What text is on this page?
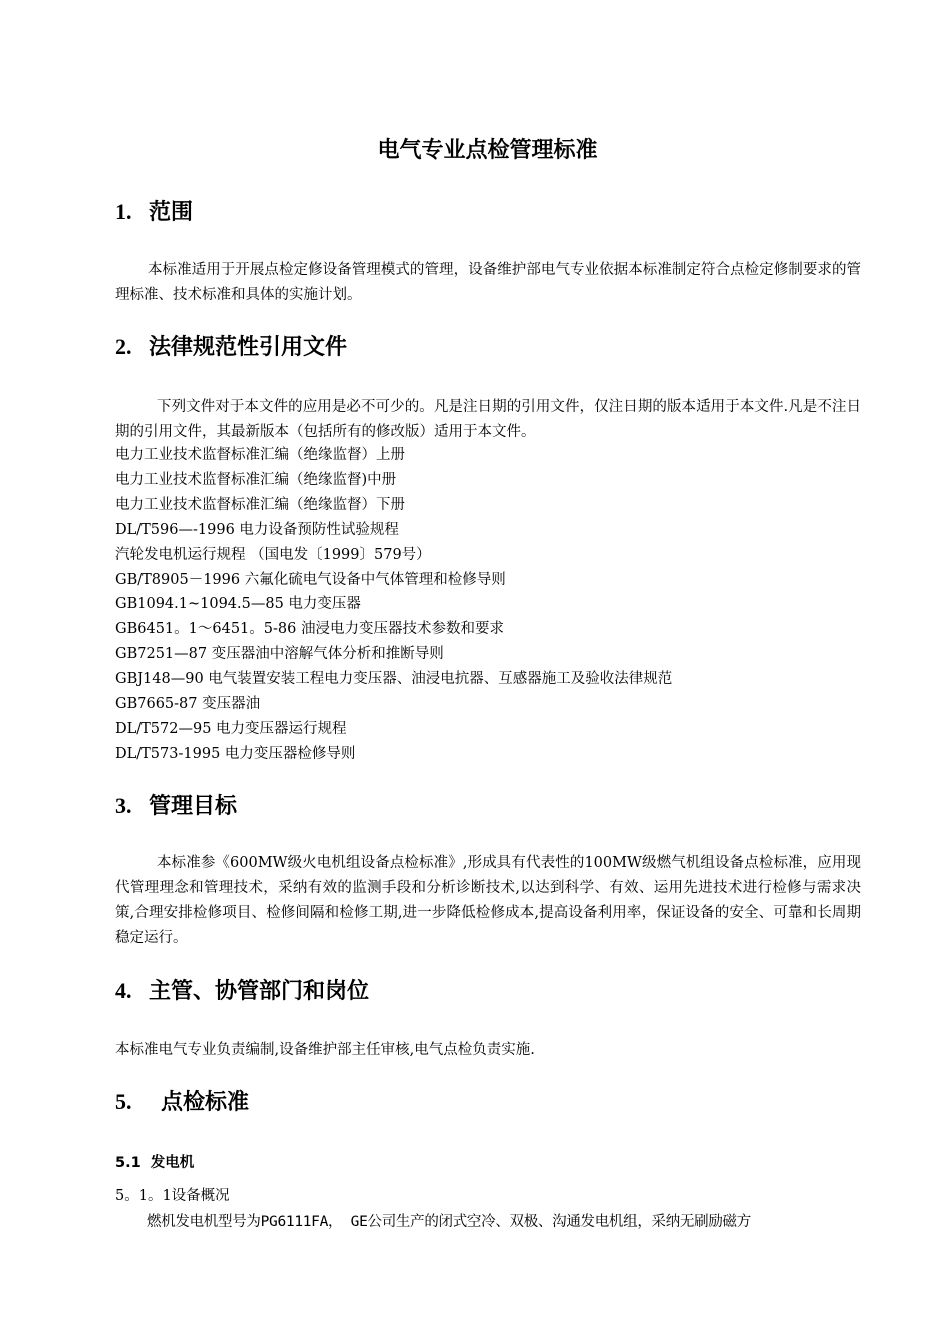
电气专业点检管理标准
1. 范围
本标准适用于开展点检定修设备管理模式的管理，设备维护部电气专业依据本标准制定符合点检定修制要求的管理标准、技术标准和具体的实施计划。
2. 法律规范性引用文件
下列文件对于本文件的应用是必不可少的。凡是注日期的引用文件，仅注日期的版本适用于本文件.凡是不注日期的引用文件，其最新版本（包括所有的修改版）适用于本文件。
电力工业技术监督标准汇编（绝缘监督）上册
电力工业技术监督标准汇编（绝缘监督)中册
电力工业技术监督标准汇编（绝缘监督）下册
DL/T596—-1996 电力设备预防性试验规程
汽轮发电机运行规程 （国电发〔1999〕579号）
GB/T8905－1996 六氟化硫电气设备中气体管理和检修导则
GB1094.1~1094.5—85 电力变压器
GB6451。1～6451。5-86 油浸电力变压器技术参数和要求
GB7251—87 变压器油中溶解气体分析和推断导则
GBJ148—90 电气装置安装工程电力变压器、油浸电抗器、互感器施工及验收法律规范
GB7665-87 变压器油
DL/T572—95 电力变压器运行规程
DL/T573-1995 电力变压器检修导则
3. 管理目标
本标准参《600MW级火电机组设备点检标准》,形成具有代表性的100MW级燃气机组设备点检标准，应用现代管理理念和管理技术，采纳有效的监测手段和分析诊断技术,以达到科学、有效、运用先进技术进行检修与需求决策,合理安排检修项目、检修间隔和检修工期,进一步降低检修成本,提高设备利用率，保证设备的安全、可靠和长周期稳定运行。
4. 主管、协管部门和岗位
本标准电气专业负责编制,设备维护部主任审核,电气点检负责实施.
5. 点检标准
5.1 发电机
5。1。1设备概况
燃机发电机型号为PG6111FA， GE公司生产的闭式空冷、双极、沟通发电机组，采纳无刷励磁方
